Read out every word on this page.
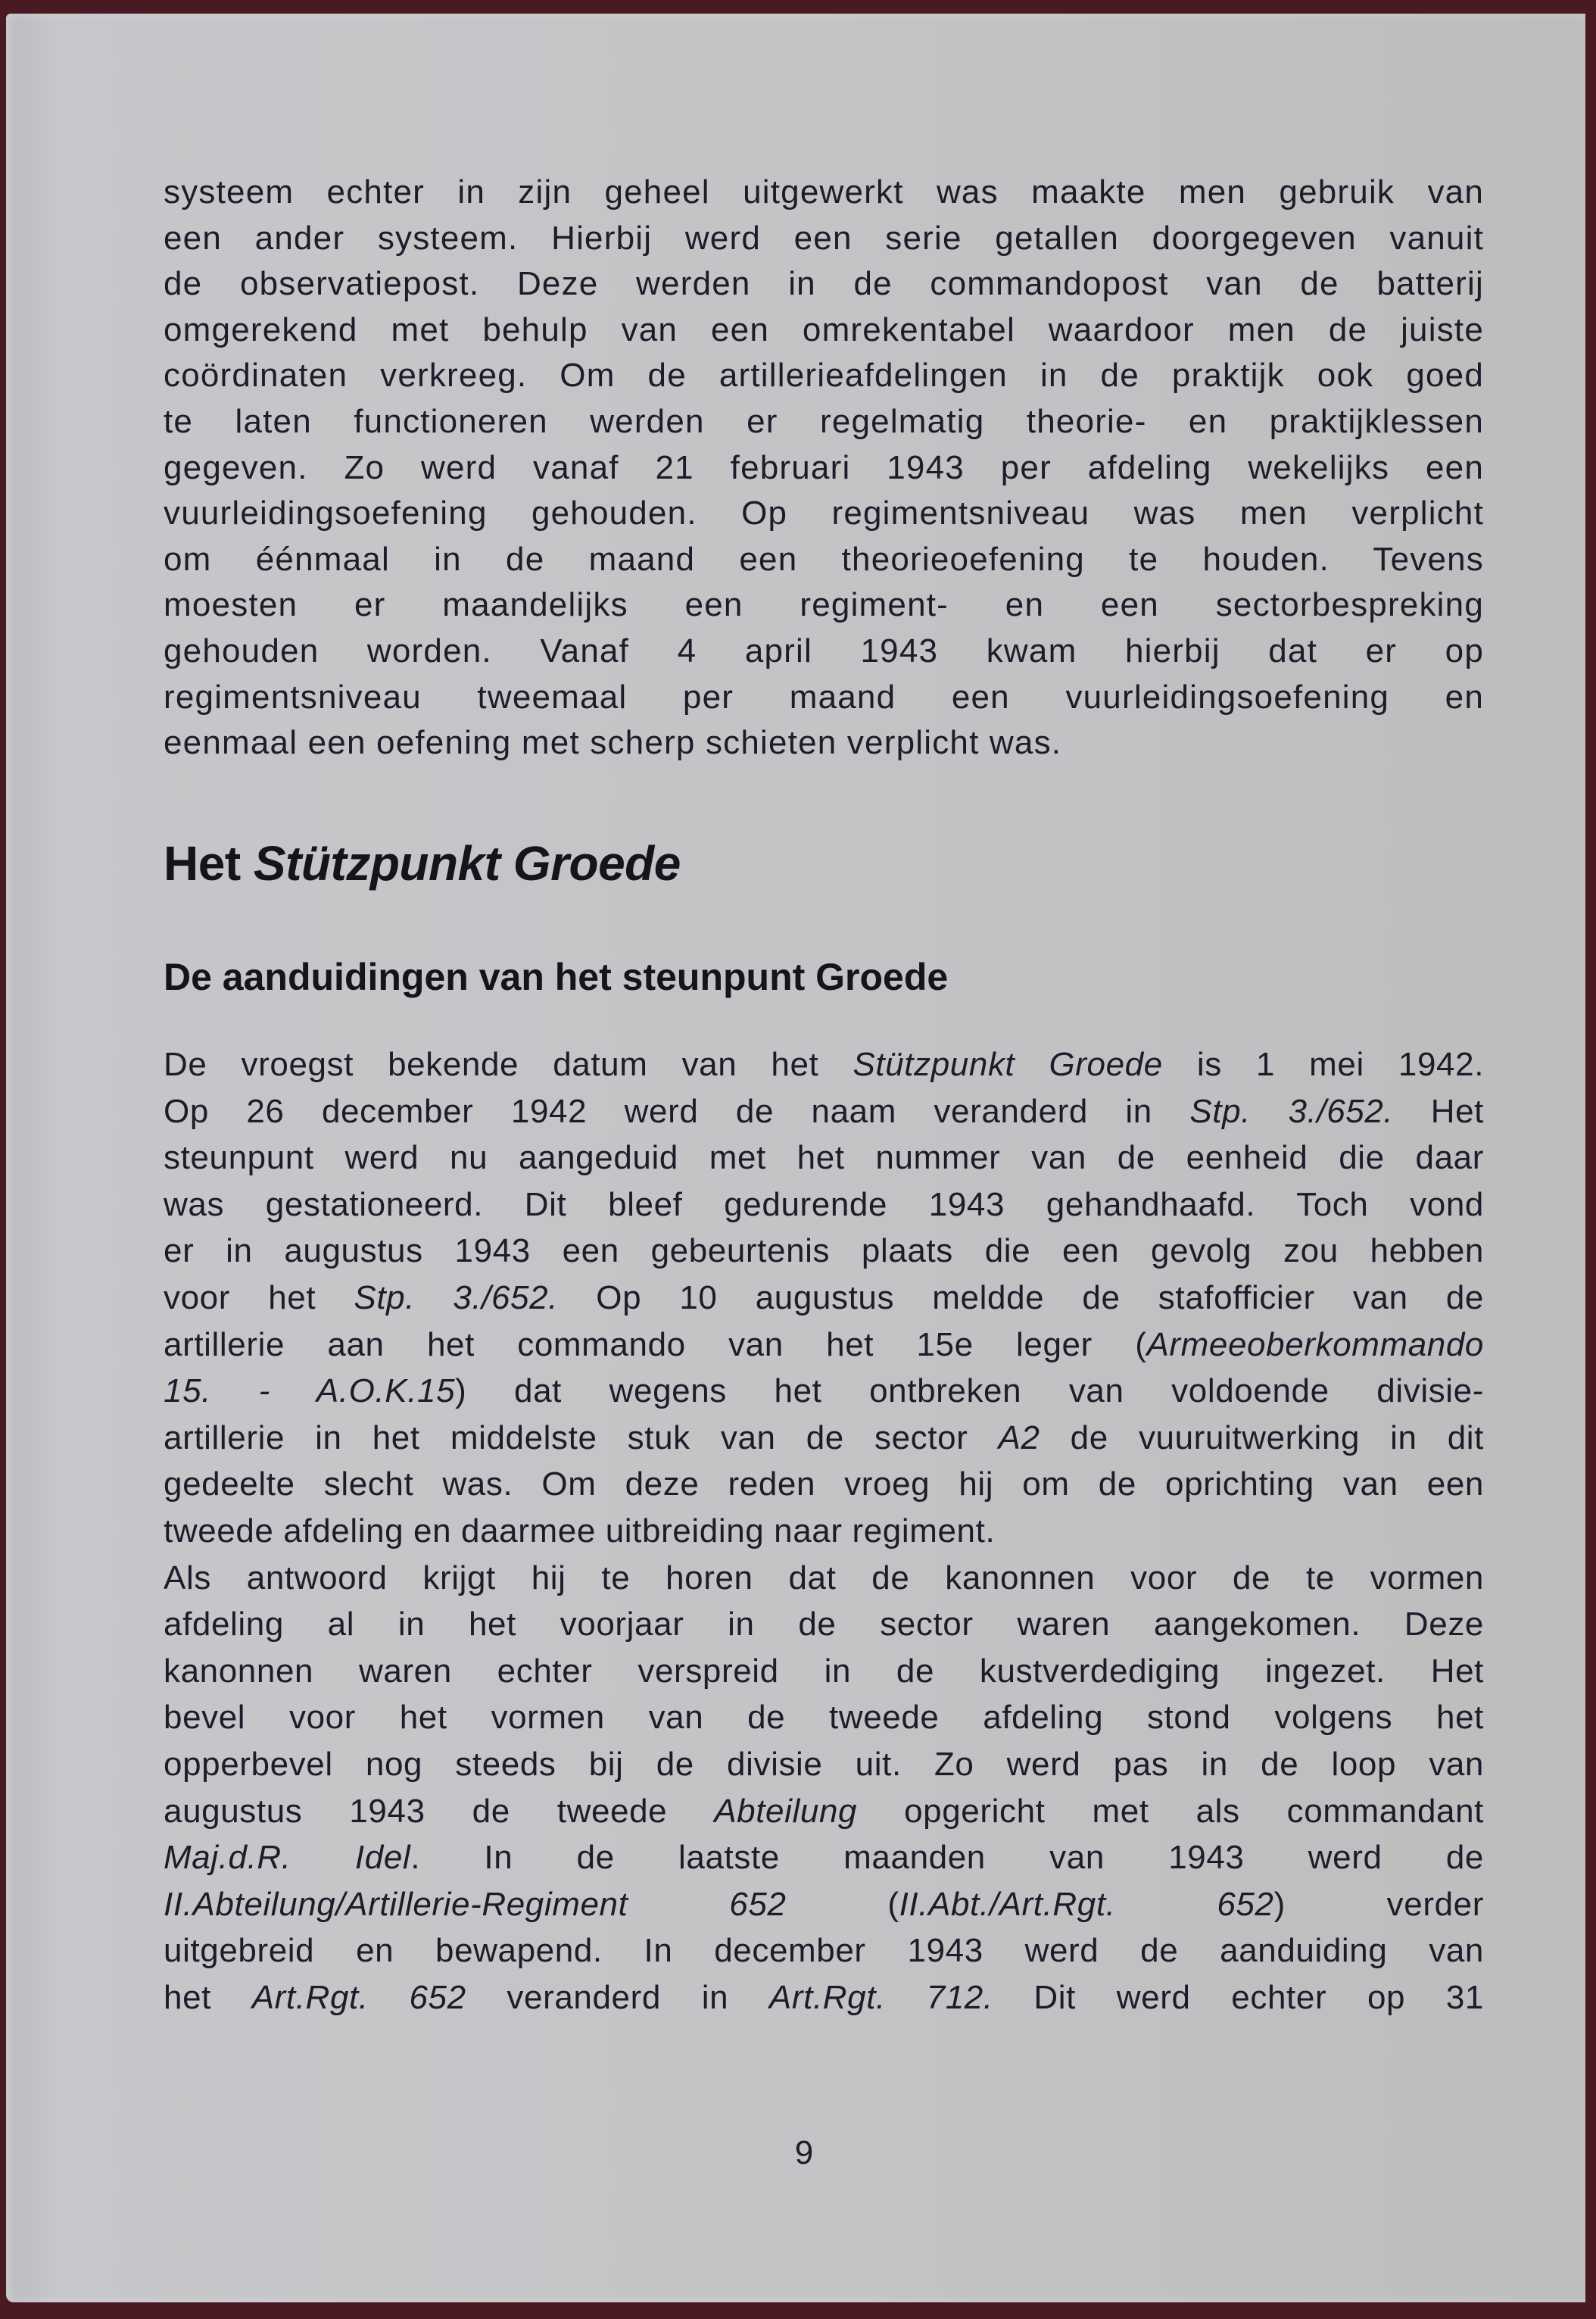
systeem echter in zijn geheel uitgewerkt was maakte men gebruik van
een ander systeem. Hierbij werd een serie getallen doorgegeven vanuit
de observatiepost. Deze werden in de commandopost van de batterij
omgerekend met behulp van een omrekentabel waardoor men de juiste
coördinaten verkreeg. Om de artillerieafdelingen in de praktijk ook goed
te laten functioneren werden er regelmatig theorie- en praktijklessen
gegeven. Zo werd vanaf 21 februari 1943 per afdeling wekelijks een
vuurleidingsoefening gehouden. Op regimentsniveau was men verplicht
om éénmaal in de maand een theorieoefening te houden. Tevens
moesten er maandelijks een regiment- en een sectorbespreking
gehouden worden. Vanaf 4 april 1943 kwam hierbij dat er op
regimentsniveau tweemaal per maand een vuurleidingsoefening en
eenmaal een oefening met scherp schieten verplicht was.
Het Stützpunkt Groede
De aanduidingen van het steunpunt Groede
De vroegst bekende datum van het Stützpunkt Groede is 1 mei 1942.
Op 26 december 1942 werd de naam veranderd in Stp. 3./652. Het
steunpunt werd nu aangeduid met het nummer van de eenheid die daar
was gestationeerd. Dit bleef gedurende 1943 gehandhaafd. Toch vond
er in augustus 1943 een gebeurtenis plaats die een gevolg zou hebben
voor het Stp. 3./652. Op 10 augustus meldde de stafofficier van de
artillerie aan het commando van het 15e leger (Armeeoberkommando
15. - A.O.K.15) dat wegens het ontbreken van voldoende divisie-
artillerie in het middelste stuk van de sector A2 de vuuruitwerking in dit
gedeelte slecht was. Om deze reden vroeg hij om de oprichting van een
tweede afdeling en daarmee uitbreiding naar regiment.
Als antwoord krijgt hij te horen dat de kanonnen voor de te vormen
afdeling al in het voorjaar in de sector waren aangekomen. Deze
kanonnen waren echter verspreid in de kustverdediging ingezet. Het
bevel voor het vormen van de tweede afdeling stond volgens het
opperbevel nog steeds bij de divisie uit. Zo werd pas in de loop van
augustus 1943 de tweede Abteilung opgericht met als commandant
Maj.d.R. Idel. In de laatste maanden van 1943 werd de
II.Abteilung/Artillerie-Regiment 652 (II.Abt./Art.Rgt. 652) verder
uitgebreid en bewapend. In december 1943 werd de aanduiding van
het Art.Rgt. 652 veranderd in Art.Rgt. 712. Dit werd echter op 31
9
